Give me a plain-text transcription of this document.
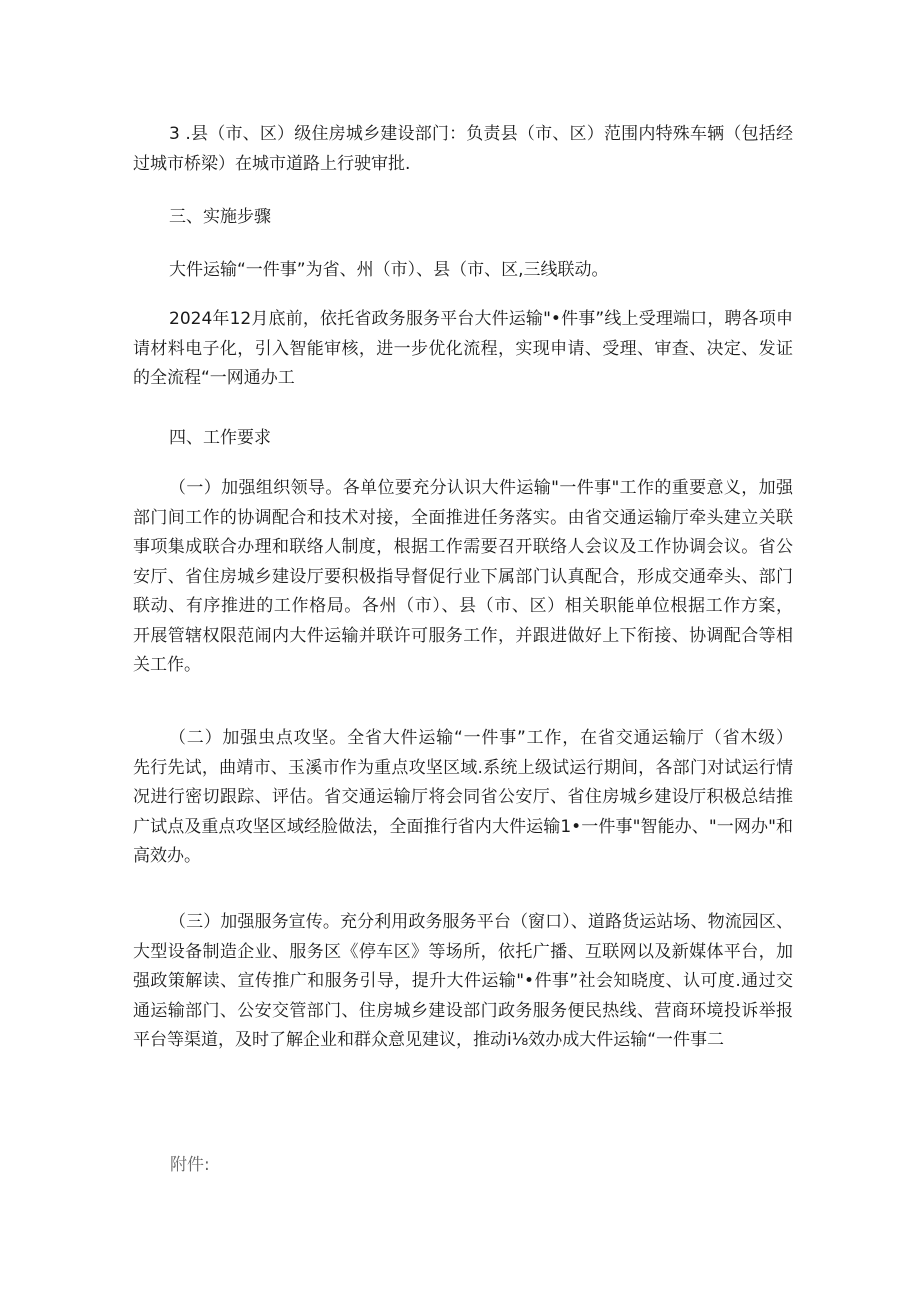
3 .县（市、区）级住房城乡建设部门：负责县（市、区）范围内特殊车辆（包括经
过城市桥梁）在城市道路上行驶审批.
三、实施步骤
大件运输“一件事”为省、州（市）、县（市、区,三线联动。
2024年12月底前，依托省政务服务平台大件运输"•件事”线上受理端口，聘各项申
请材料电子化，引入智能审核，进一步优化流程，实现申请、受理、审查、决定、发证
的全流程“一网通办工
四、工作要求
（一）加强组织领导。各单位要充分认识大件运输"一件事"工作的重要意义，加强
部门间工作的协调配合和技术对接，全面推进任务落实。由省交通运输厅牵头建立关联
事项集成联合办理和联络人制度，根据工作需要召开联络人会议及工作协调会议。省公
安厅、省住房城乡建设厅要积极指导督促行业下属部门认真配合，形成交通牵头、部门
联动、有序推进的工作格局。各州（市）、县（市、区）相关职能单位根据工作方案，
开展管辖权限范闹内大件运输并联许可服务工作，并跟进做好上下衔接、协调配合等相
关工作。
（二）加强虫点攻坚。全省大件运输“一件事”工作，在省交通运输厅（省木级）
先行先试，曲靖市、玉溪市作为重点攻坚区域.系统上级试运行期间，各部门对试运行情
况进行密切跟踪、评估。省交通运输厅将会同省公安厅、省住房城乡建设厅积极总结推
广试点及重点攻坚区域经脸做法，全面推行省内大件运输1•一件事"智能办、"一网办"和
高效办。
（三）加强服务宣传。充分利用政务服务平台（窗口）、道路货运站场、物流园区、
大型设备制造企业、服务区《停车区》等场所，依托广播、互联网以及新媒体平台，加
强政策解读、宣传推广和服务引导，提升大件运输"•件事”社会知晓度、认可度.通过交
通运输部门、公安交管部门、住房城乡建设部门政务服务便民热线、营商环境投诉举报
平台等渠道，及时了解企业和群众意见建议，推动i⅛效办成大件运输“一件事二
附件:
